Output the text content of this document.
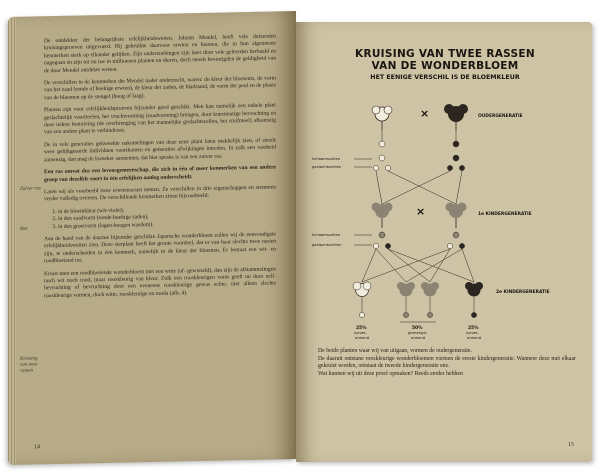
De ontdekker der belangrijkste erfelijkheidswetten, Johann Mendel, heeft vele duizenden kruisingsproeven uitgevoerd. Hij gebruikte daarvoor erwten en boonen, die in hun algemeene kenmerken sterk op elkander gelijken. Zijn onderzoekingen zijn later door vele geleerden herhaald en nagegaan en zijn tot nu toe in millioenen planten en dieren, doch steeds bevestigden de geldigheid van de door Mendel ontdekte wetten.

De verschillen in de kenmerken die Mendel nader onderzocht, waren: de kleur der bloesems, de vorm van het zaad (ronde of hoekige erwten), de kleur der zaden, de bladstand, de vorm der peul en de plaats van de bloemen op de stengel (hoog of laag).

Planten zijn voor erfelijkheidsproeven bijzonder goed geschikt. Men kan namelijk een enkele plant geslachtelijk voortteelen, het vruchtvorming (zaadvorming) brengen, door kunstmatige bevruchting en door iedere bestuiving (de overbrenging van het mannelijke geslachtscellen, het stuifmeel) afkomstig van een andere plant te verhinderen.

De in vele generaties gekweekte nakomelingen van deze eene plant laten makkelijk zien, of steeds weer gelijkgeaarde individuen voortkomen en generaties afwijkingen intreden. In zulk een vastheid aanwezig, dan mag de kweeker aannemen, dat hier sprake is van een zuiver ras.

Een ras omvat dus een levensgemeenschap, die zich in één of meer kenmerken van een andere groep van dezelfde soort in één erfelijken aanleg onderscheidt.

Laten wij als voorbeeld twee erwtenrassen nemen. Ze verschillen in drie eigenschappen en stemmen verder volledig overeen. De verschillende kenmerken zitten bijvoorbeeld:

1. in de bloemkleur (wit-violet),
2. in den zaadvorm (ronde-hoekige zaden),
3. in den groeivorm (lagen-hoogen wasdom).

Aan de hand van de daartoe bijzonder geschikte Japansche wonderbloem zullen wij de eenvoudigste erfelijkheidswetten zien. Deze sierplant heeft het groote voordeel, dat er van haar slechts twee rassen zijn, te onderscheiden in één kenmerk, namelijk in de kleur der bloemen. Er bestaat een wit- en roodbloeiend ras.

Kruist men een roodbloeiende wonderbloem met een witte (af- gewisseld), dan zijn de afstammelingen noch wit noch rood, maar rooskleurig van kleur. Zulk een rooskleurigen vorm geeft nu door zelf- bevruchting of bevruchting door een eveneens rooskleurige gewas echte: niet alleen slechts rooskleurige vormen, doch witte, rooskleurige en rooda (afb. 4).

Zuiver ras
Ras
Kruising van twee rassen
14
KRUISING VAN TWEE RASSEN
VAN DE WONDERBLOEM
HET EENIGE VERSCHIL IS DE BLOEMKLEUR
×	OUDERGENERATIE
lichaamscellen
geslachtscellen
×	1e KINDERGENERATIE
lichaamscellen
geslachtscellen
2e KINDERGENERATIE
25%
zuiver-
erwend
50%
gemengd-
erwend
25%
zuiver-
erwend
De beide planten waar wij van uitgaan, vormen de oudergeneratie.
De daaruit ontstane rooskleurige wonderbloemen vormen de eerste kindergeneratie. Wanneer deze met elkaar gekruist worden, ontstaat de tweede kindergeneratie enz.
Wat kunnen wij uit deze proef opmaken? Reeds eerder hebben
15
